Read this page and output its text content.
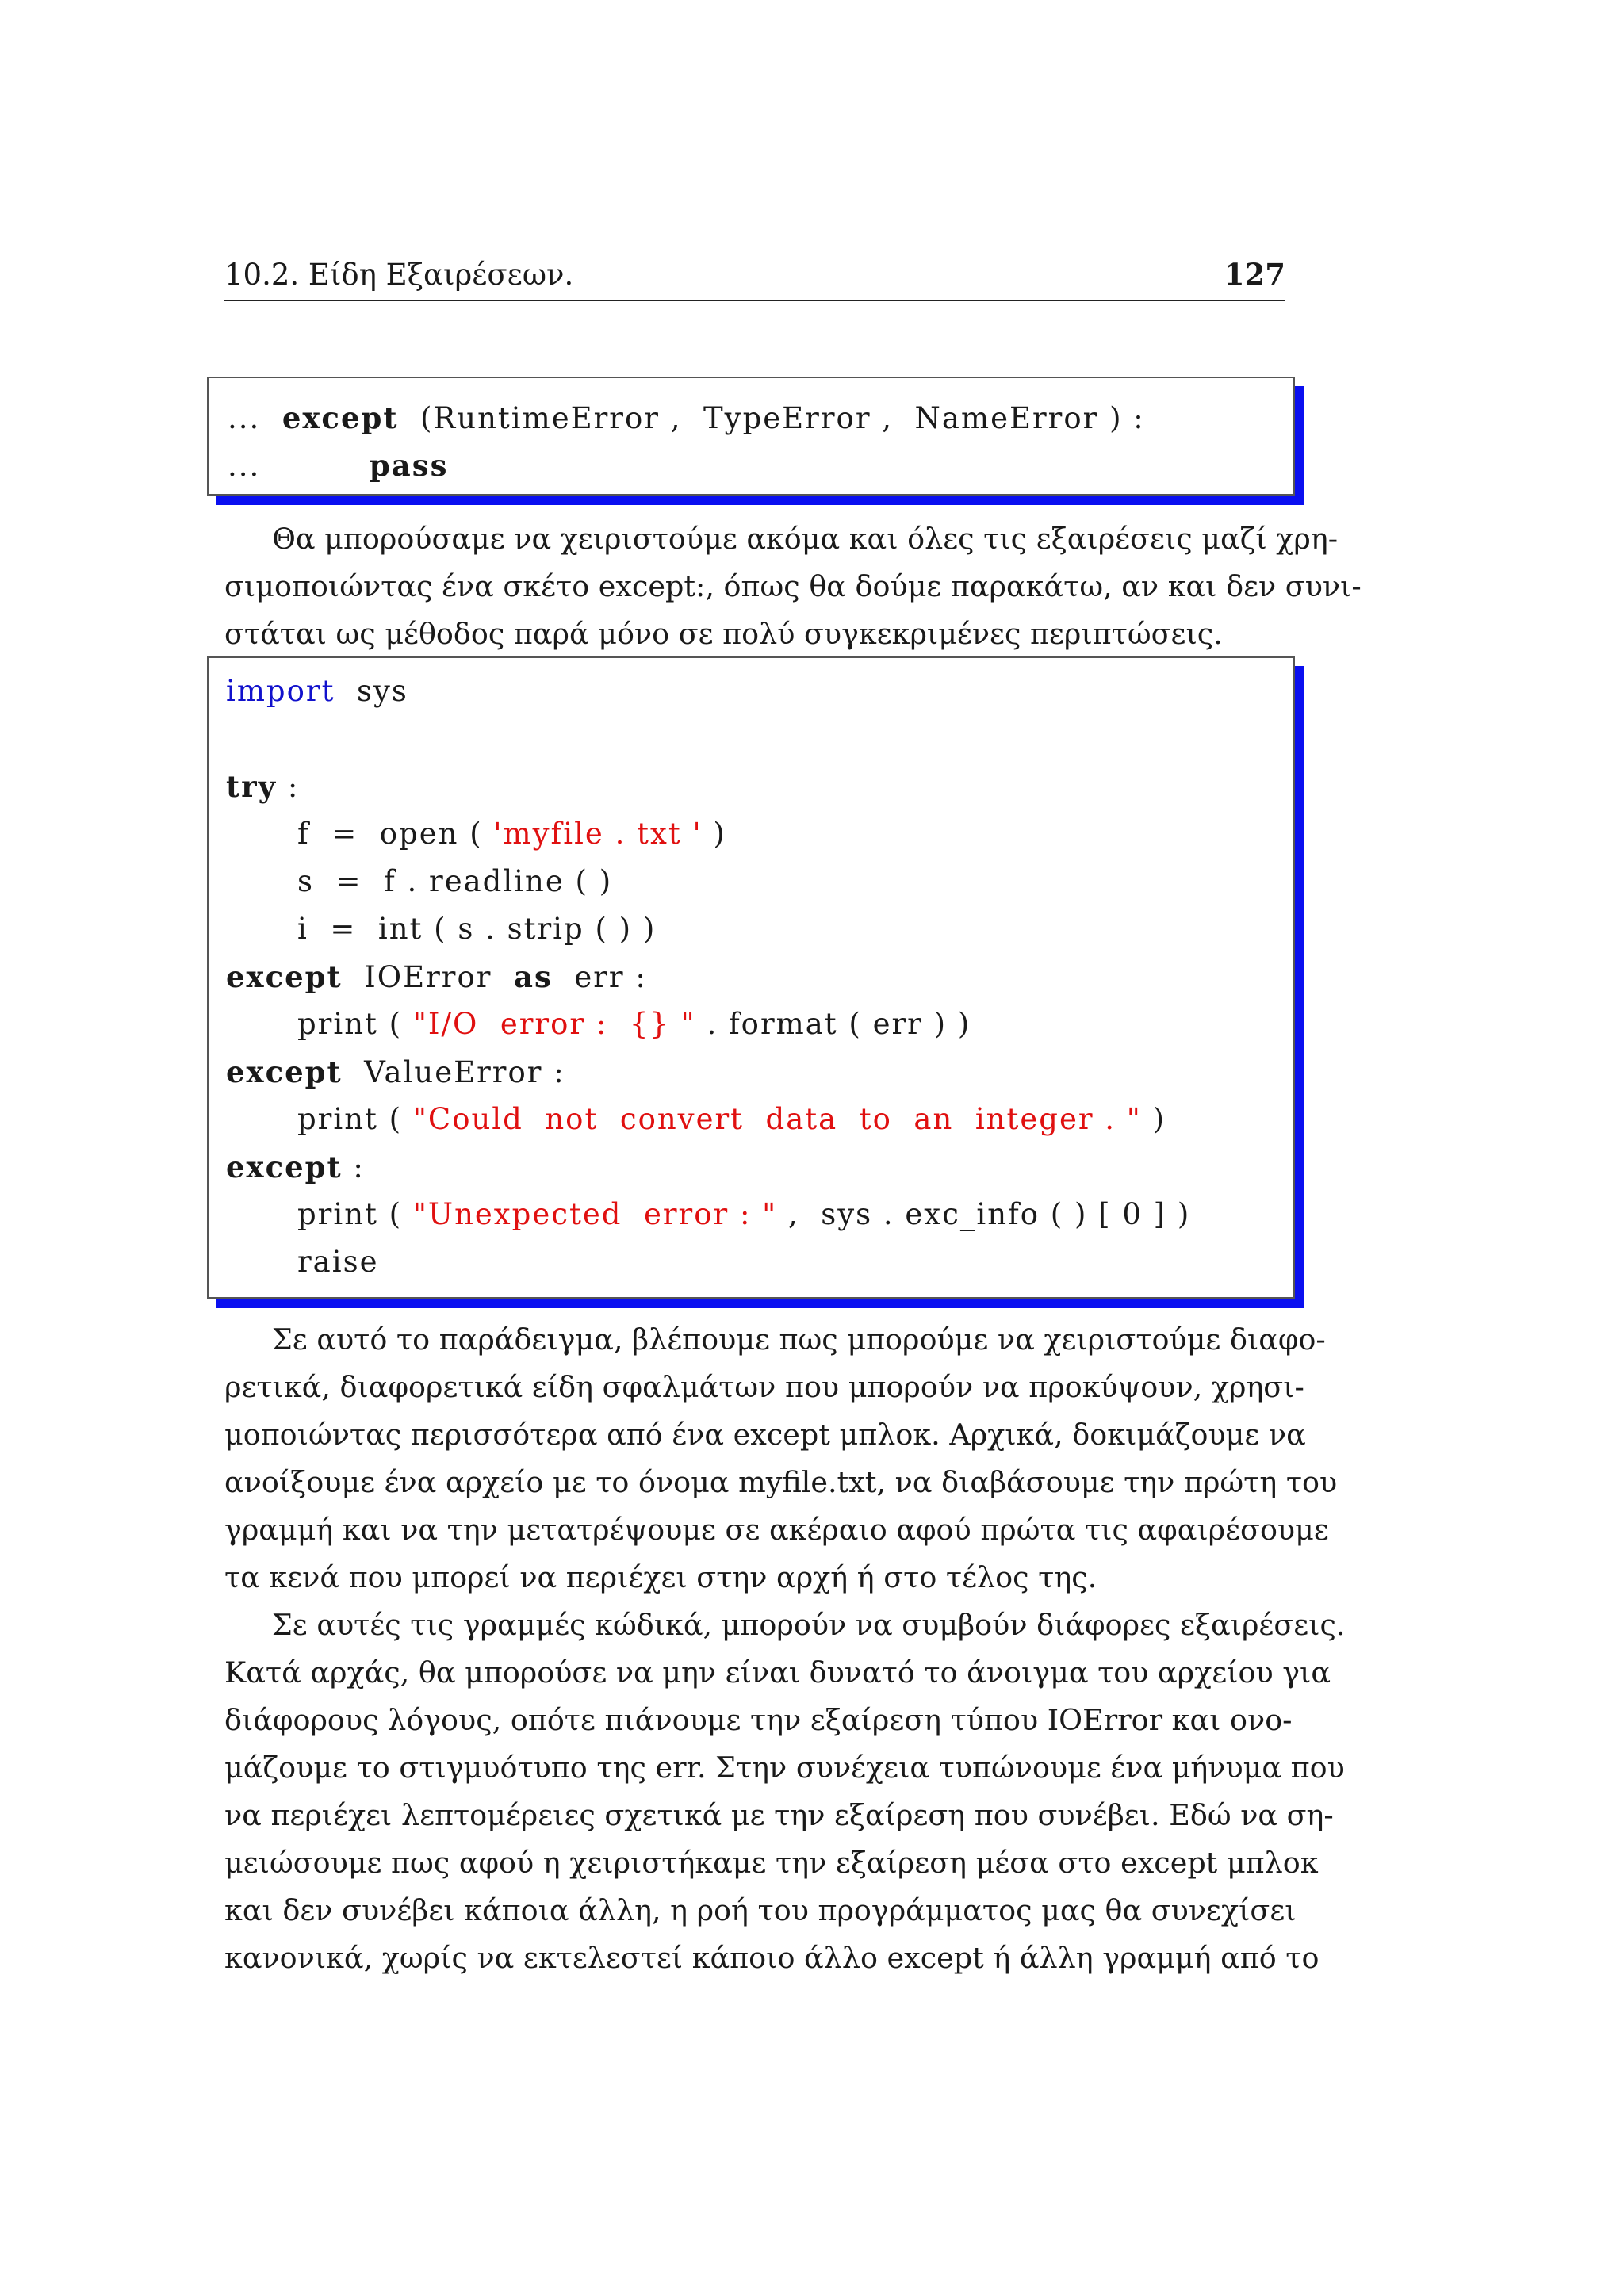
10.2. Είδη Εξαιρέσεων.	127
...  except  (RuntimeError ,  TypeError ,  NameError ) :
...          pass
Θα μπορούσαμε να χειριστούμε ακόμα και όλες τις εξαιρέσεις μαζί χρη-
σιμοποιώντας ένα σκέτο except:, όπως θα δούμε παρακάτω, αν και δεν συνι-
στάται ως μέθοδος παρά μόνο σε πολύ συγκεκριμένες περιπτώσεις.
import  sys
try :
f  =  open ( 'myfile . txt ' )
s  =  f . readline ( )
i  =  int ( s . strip ( ) )
except  IOError  as  err :
print ( "I/O  error :  {} " . format ( err ) )
except  ValueError :
print ( "Could  not  convert  data  to  an  integer . " )
except :
print ( "Unexpected  error : " ,  sys . exc_info ( ) [ 0 ] )
raise
Σε αυτό το παράδειγμα, βλέπουμε πως μπορούμε να χειριστούμε διαφο-
ρετικά, διαφορετικά είδη σφαλμάτων που μπορούν να προκύψουν, χρησι-
μοποιώντας περισσότερα από ένα except μπλοκ. Αρχικά, δοκιμάζουμε να
ανοίξουμε ένα αρχείο με το όνομα myfile.txt, να διαβάσουμε την πρώτη του
γραμμή και να την μετατρέψουμε σε ακέραιο αφού πρώτα τις αφαιρέσουμε
τα κενά που μπορεί να περιέχει στην αρχή ή στο τέλος της.
Σε αυτές τις γραμμές κώδικά, μπορούν να συμβούν διάφορες εξαιρέσεις.
Κατά αρχάς, θα μπορούσε να μην είναι δυνατό το άνοιγμα του αρχείου για
διάφορους λόγους, οπότε πιάνουμε την εξαίρεση τύπου IOError και ονο-
μάζουμε το στιγμυότυπο της err. Στην συνέχεια τυπώνουμε ένα μήνυμα που
να περιέχει λεπτομέρειες σχετικά με την εξαίρεση που συνέβει. Εδώ να ση-
μειώσουμε πως αφού η χειριστήκαμε την εξαίρεση μέσα στο except μπλοκ
και δεν συνέβει κάποια άλλη, η ροή του προγράμματος μας θα συνεχίσει
κανονικά, χωρίς να εκτελεστεί κάποιο άλλο except ή άλλη γραμμή από το
